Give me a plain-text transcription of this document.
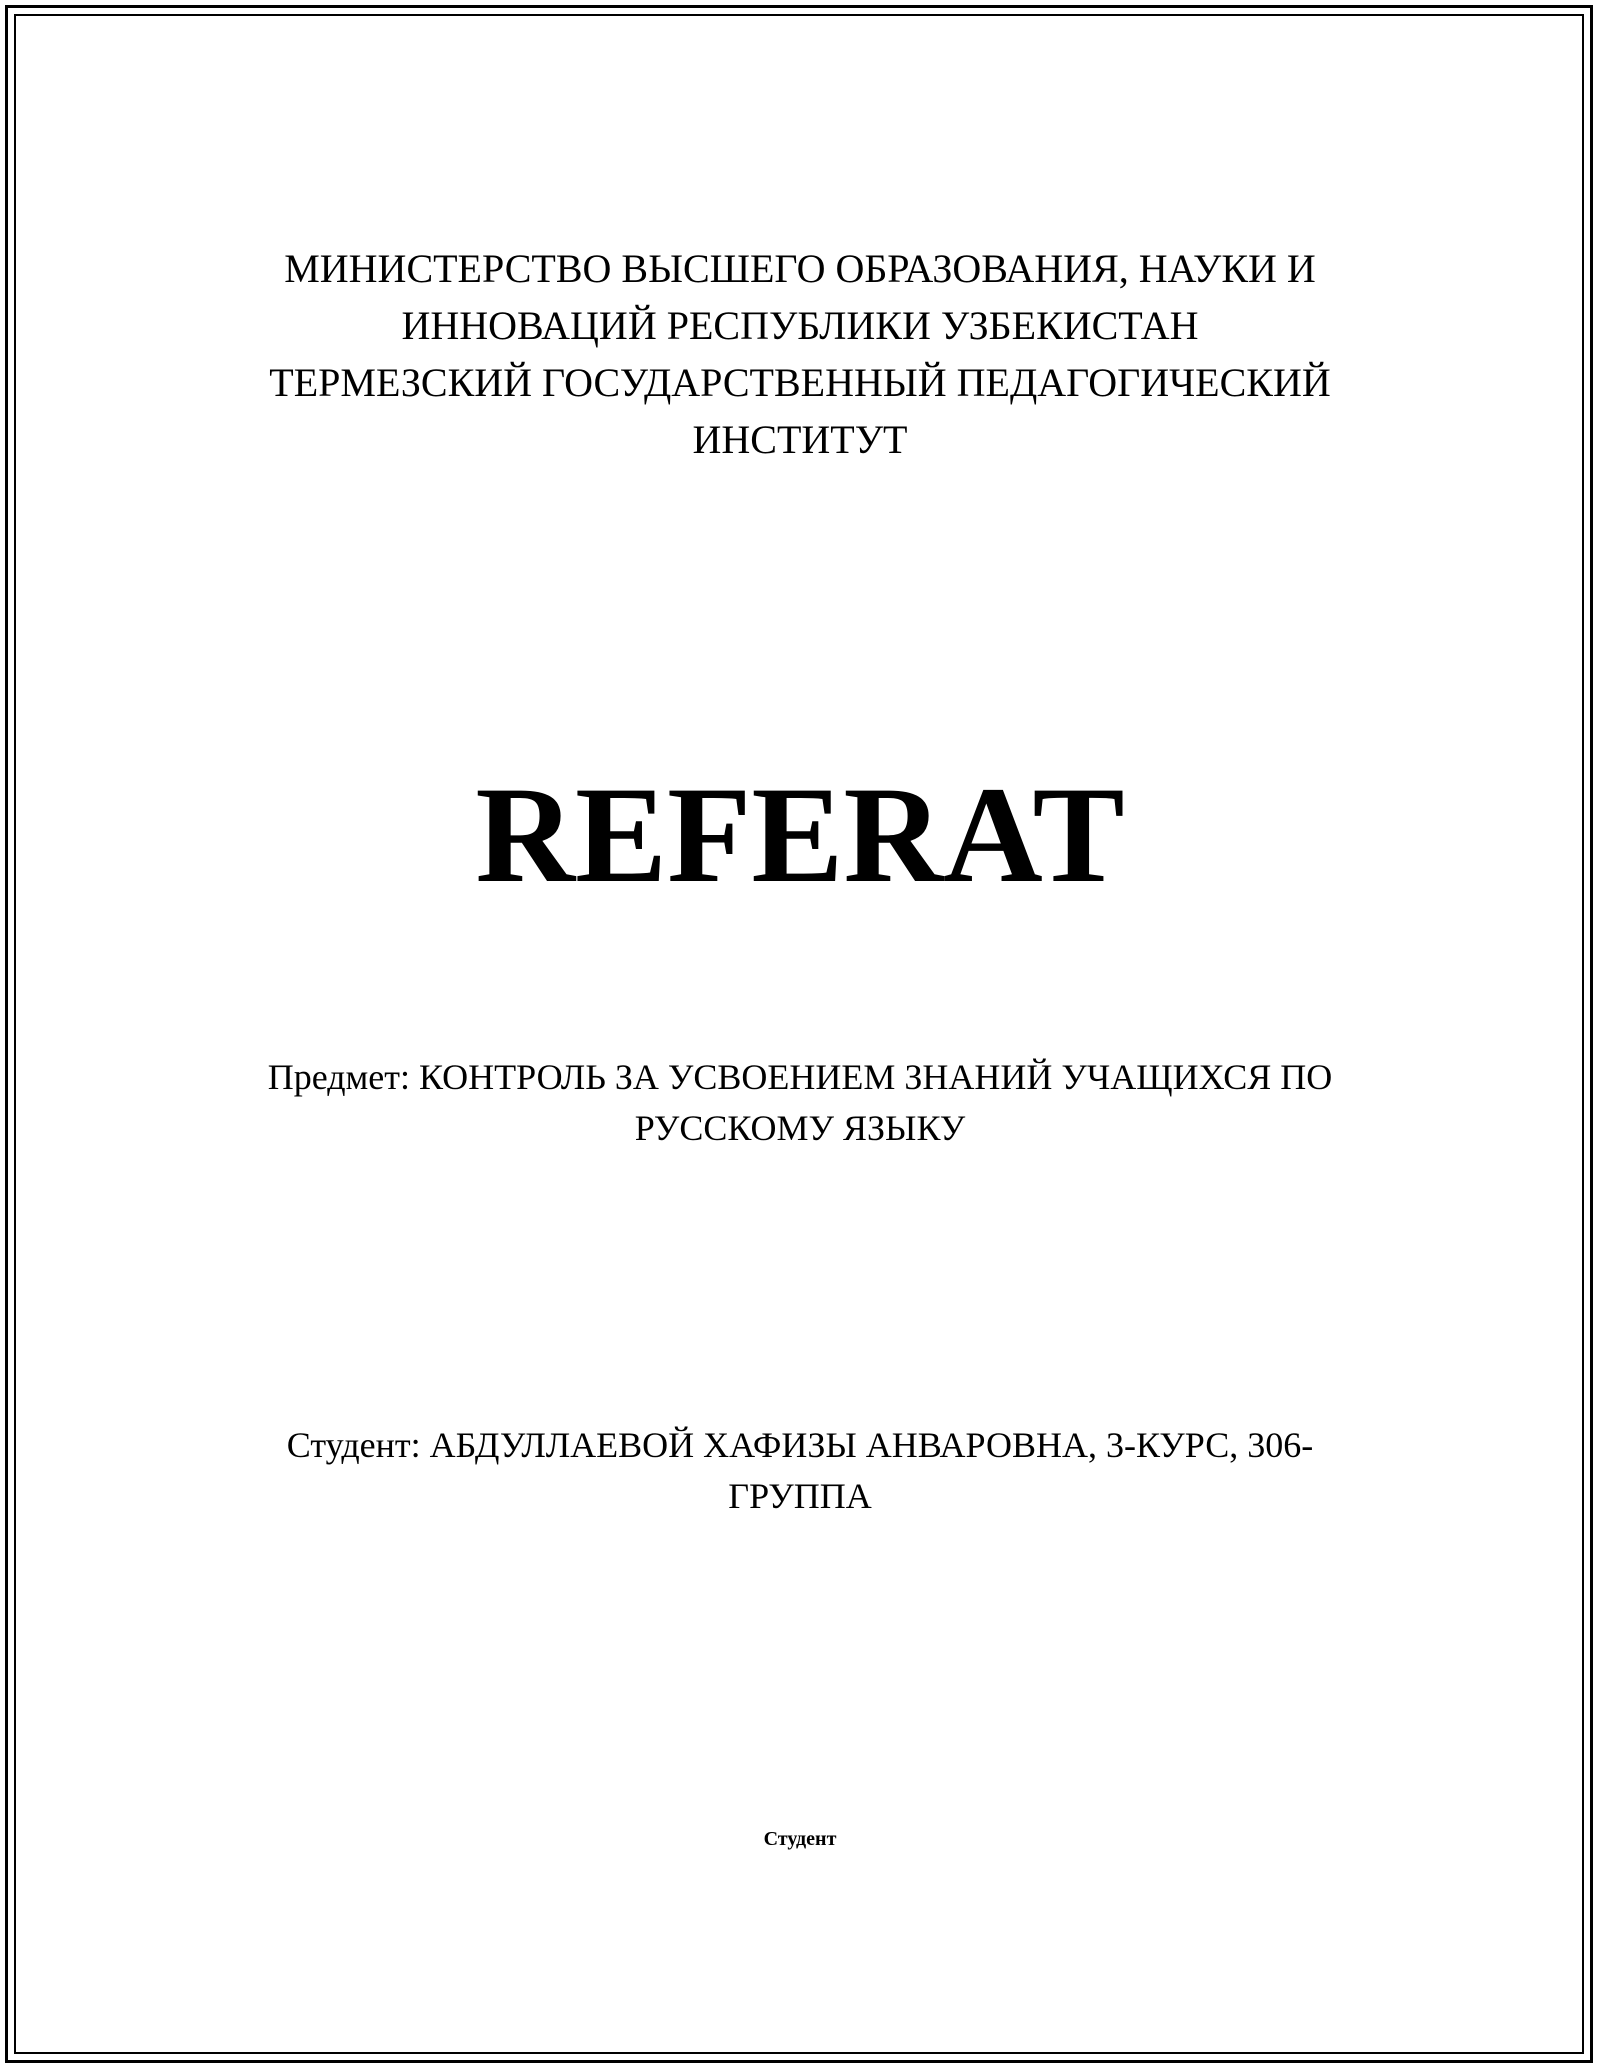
МИНИСТЕРСТВО ВЫСШЕГО ОБРАЗОВАНИЯ, НАУКИ И
ИННОВАЦИЙ РЕСПУБЛИКИ УЗБЕКИСТАН
ТЕРМЕЗСКИЙ ГОСУДАРСТВЕННЫЙ ПЕДАГОГИЧЕСКИЙ
ИНСТИТУТ
REFERAT
Предмет: КОНТРОЛЬ ЗА УСВОЕНИЕМ ЗНАНИЙ УЧАЩИХСЯ ПО
РУССКОМУ ЯЗЫКУ
Студент: АБДУЛЛАЕВОЙ ХАФИЗЫ АНВАРОВНА, 3-КУРС, 306-
ГРУППА
Студент
